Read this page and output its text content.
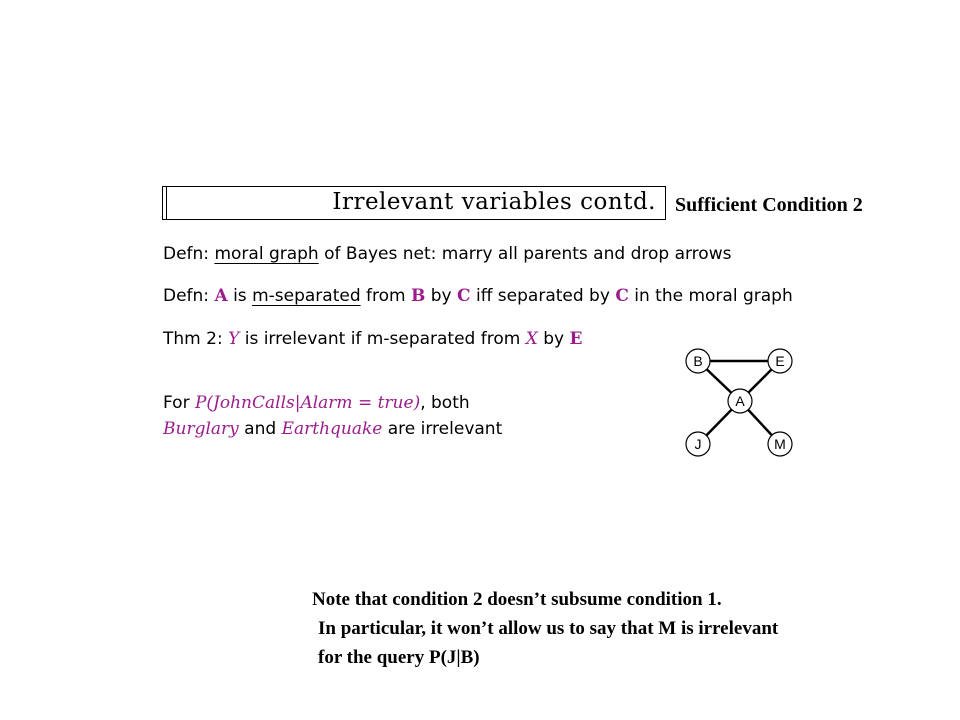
Irrelevant variables contd. Sufficient Condition 2
Defn: moral graph of Bayes net: marry all parents and drop arrows
Defn: A is m-separated from B by C iff separated by C in the moral graph
Thm 2: Y is irrelevant if m-separated from X by E
For P(JohnCalls|Alarm = true), both
Burglary and Earthquake are irrelevant
B	E
A
J	M
Note that condition 2 doesn’t subsume condition 1.
In particular, it won’t allow us to say that M is irrelevant
for the query P(J|B)
